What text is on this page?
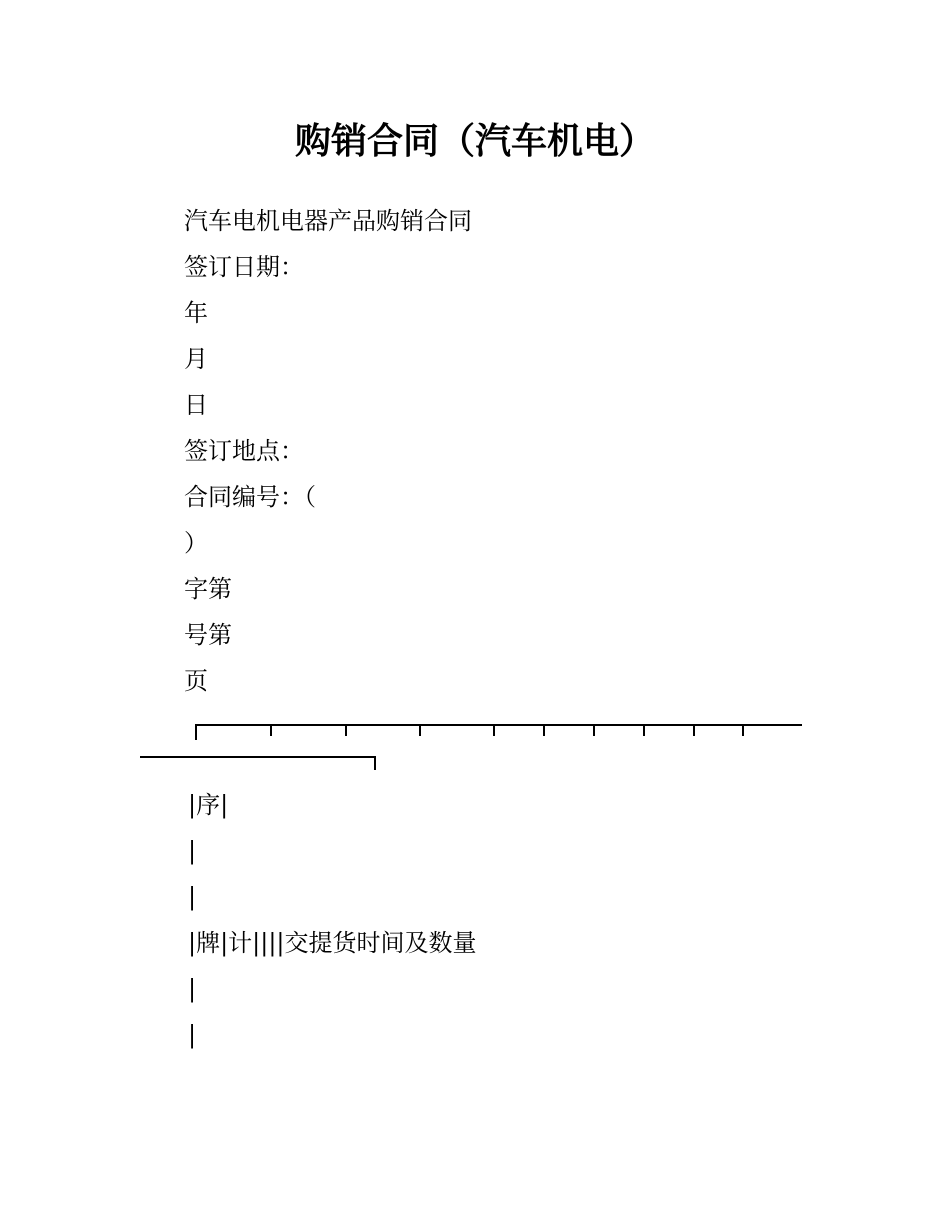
购销合同（汽车机电）
汽车电机电器产品购销合同
签订日期：
年
月
日
签订地点：
合同编号：（
）
字第
号第
页
|序|
|
|
|牌|计||||交提货时间及数量
|
|
